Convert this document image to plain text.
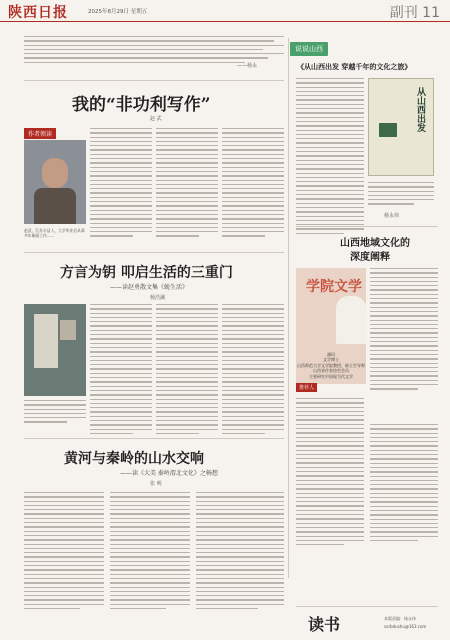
陕西日报	2025年8月29日 星期五	副刊 11
——杨永
说说山西
《从山西出发 穿越千年的文化之旅》
从山西出发
我的“非功利写作”
赵 武
作者领读
赵武，江苏丰县人，大学毕业后从事多年新闻工作……
方言为钥 叩启生活的三重门
——读赵勇散文集《蜕生活》
杨浩澜
黄河与秦岭的山水交响
——读《大美 秦岭渭北文化》之畅想
张 明
山西地域文化的
深度阐释
杨永伟
学院文学
潘珂
文学博士
山西师范大学文学院教授，硕士生导师
山西省作家协会会员
主要研究中国现当代文学
推荐人
读书	本版责编：杨永伟
sxrbdushu@163.com
